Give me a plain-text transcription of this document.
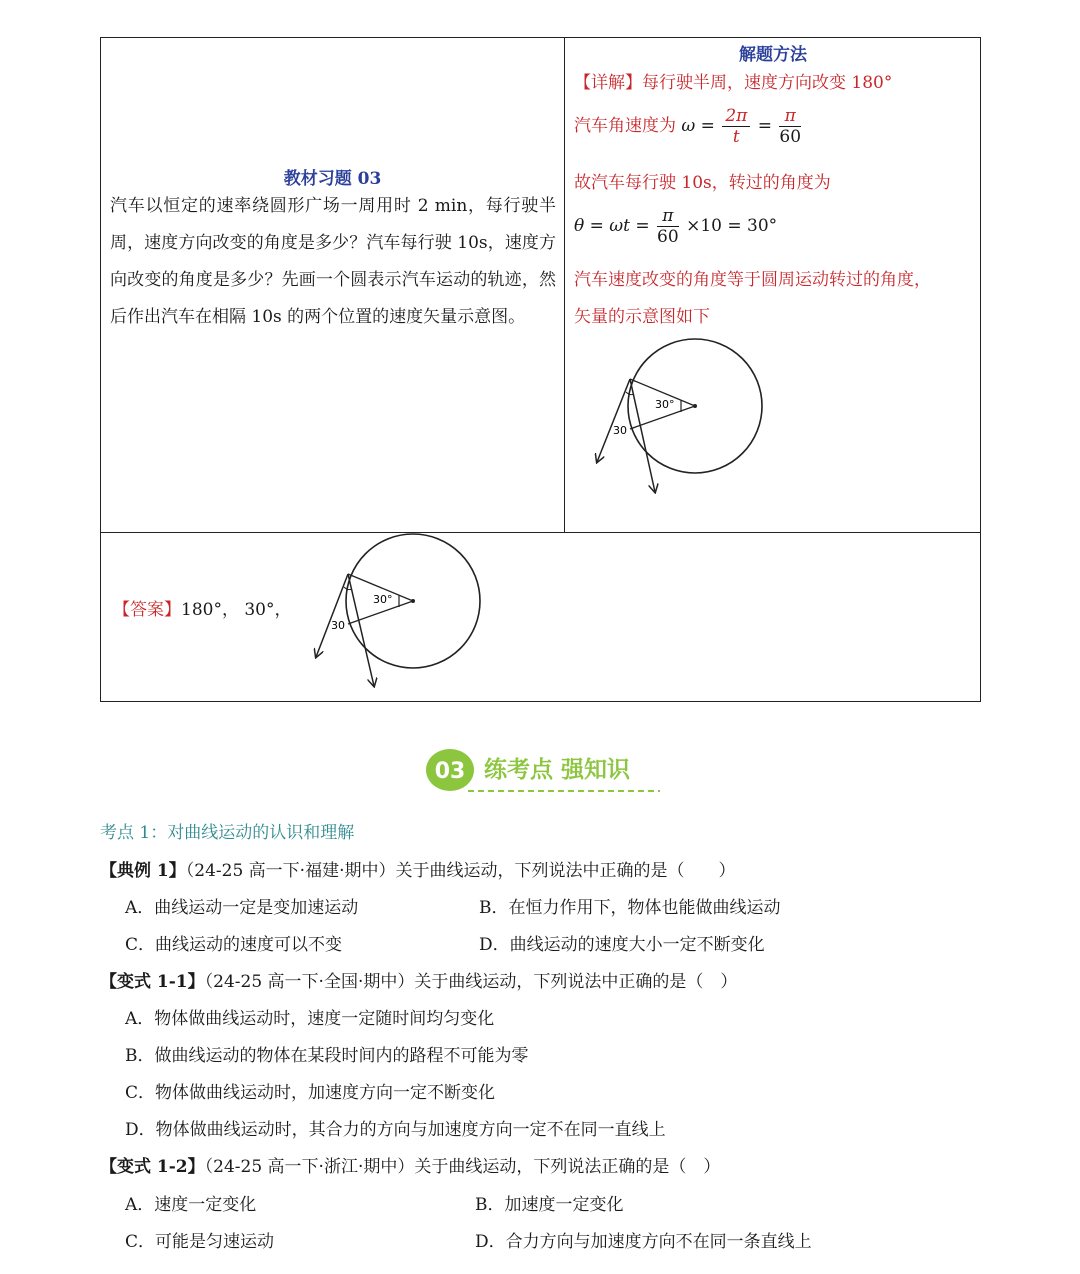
教材习题 03
汽车以恒定的速率绕圆形广场一周用时 2 min，每行驶半周，速度方向改变的角度是多少？汽车每行驶 10s，速度方向改变的角度是多少？先画一个圆表示汽车运动的轨迹，然后作出汽车在相隔 10s 的两个位置的速度矢量示意图。
解题方法
【详解】每行驶半周，速度方向改变 180°
汽车角速度为 $\omega = \frac{2\pi}{t} = \frac{\pi}{60}$
故汽车每行驶 10s，转过的角度为
$\theta = \omega t = \frac{\pi}{60} \times 10 = 30^\circ$
汽车速度改变的角度等于圆周运动转过的角度，
矢量的示意图如下
30°
30
【答案】180°， 30°，
30°
30
03 练考点 强知识
考点 1：对曲线运动的认识和理解
【典例 1】（24-25 高一下·福建·期中）关于曲线运动，下列说法中正确的是（　　）
A．曲线运动一定是变加速运动	B．在恒力作用下，物体也能做曲线运动
C．曲线运动的速度可以不变	D．曲线运动的速度大小一定不断变化
【变式 1-1】（24-25 高一下·全国·期中）关于曲线运动，下列说法中正确的是（　）
A．物体做曲线运动时，速度一定随时间均匀变化
B．做曲线运动的物体在某段时间内的路程不可能为零
C．物体做曲线运动时，加速度方向一定不断变化
D．物体做曲线运动时，其合力的方向与加速度方向一定不在同一直线上
【变式 1-2】（24-25 高一下·浙江·期中）关于曲线运动，下列说法正确的是（　）
A．速度一定变化	B．加速度一定变化
C．可能是匀速运动	D．合力方向与加速度方向不在同一条直线上
